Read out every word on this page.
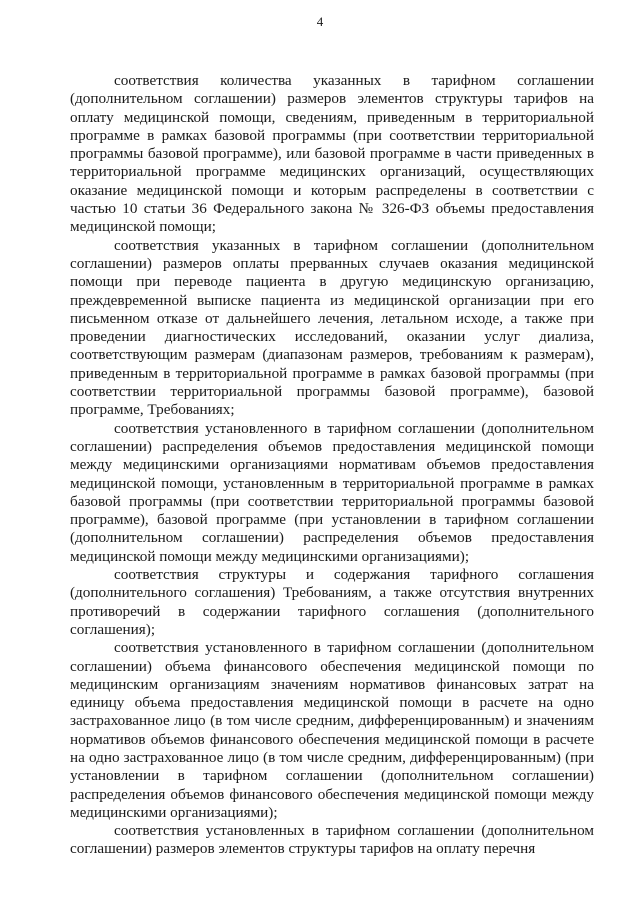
4

соответствия количества указанных в тарифном соглашении (дополнительном соглашении) размеров элементов структуры тарифов на оплату медицинской помощи, сведениям, приведенным в территориальной программе в рамках базовой программы (при соответствии территориальной программы базовой программе), или базовой программе в части приведенных в территориальной программе медицинских организаций, осуществляющих оказание медицинской помощи и которым распределены в соответствии с частью 10 статьи 36 Федерального закона № 326-ФЗ объемы предоставления медицинской помощи;

соответствия указанных в тарифном соглашении (дополнительном соглашении) размеров оплаты прерванных случаев оказания медицинской помощи при переводе пациента в другую медицинскую организацию, преждевременной выписке пациента из медицинской организации при его письменном отказе от дальнейшего лечения, летальном исходе, а также при проведении диагностических исследований, оказании услуг диализа, соответствующим размерам (диапазонам размеров, требованиям к размерам), приведенным в территориальной программе в рамках базовой программы (при соответствии территориальной программы базовой программе), базовой программе, Требованиях;

соответствия установленного в тарифном соглашении (дополнительном соглашении) распределения объемов предоставления медицинской помощи между медицинскими организациями нормативам объемов предоставления медицинской помощи, установленным в территориальной программе в рамках базовой программы (при соответствии территориальной программы базовой программе), базовой программе (при установлении в тарифном соглашении (дополнительном соглашении) распределения объемов предоставления медицинской помощи между медицинскими организациями);

соответствия структуры и содержания тарифного соглашения (дополнительного соглашения) Требованиям, а также отсутствия внутренних противоречий в содержании тарифного соглашения (дополнительного соглашения);

соответствия установленного в тарифном соглашении (дополнительном соглашении) объема финансового обеспечения медицинской помощи по медицинским организациям значениям нормативов финансовых затрат на единицу объема предоставления медицинской помощи в расчете на одно застрахованное лицо (в том числе средним, дифференцированным) и значениям нормативов объемов финансового обеспечения медицинской помощи в расчете на одно застрахованное лицо (в том числе средним, дифференцированным) (при установлении в тарифном соглашении (дополнительном соглашении) распределения объемов финансового обеспечения медицинской помощи между медицинскими организациями);

соответствия установленных в тарифном соглашении (дополнительном соглашении) размеров элементов структуры тарифов на оплату перечня
